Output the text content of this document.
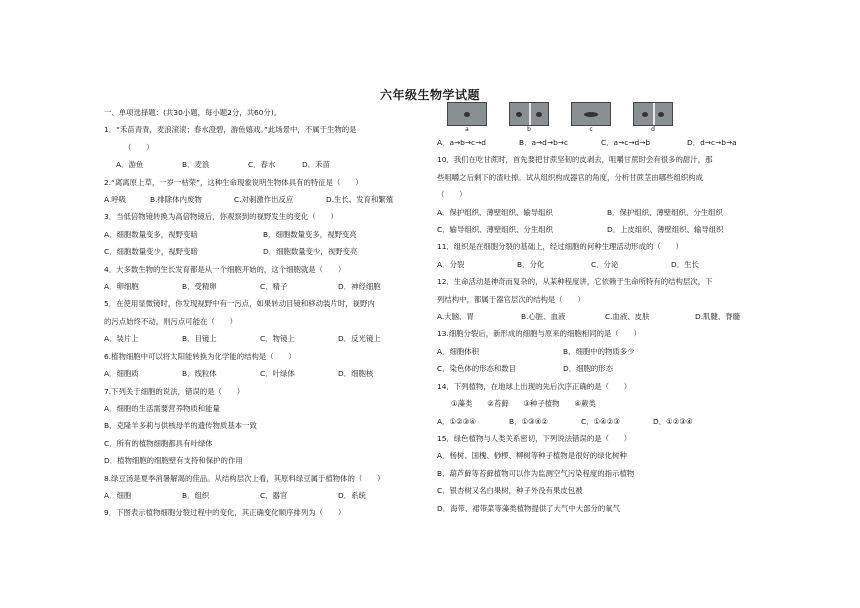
六年级生物学试题
一、单项选择题：(共30小题，每小题2分，共60分)。
1．“禾苗青青，麦浪滚滚；春水澄碧，游鱼嬉戏。”此场景中，不属于生物的是
（　　）
A．游鱼	B．麦浪	C．春水	D．禾苗
2.“离离原上草，一岁一枯荣”，这种生命现象说明生物体具有的特征是（　　）
A.呼吸	B.排除体内废物	C.对刺激作出反应	D.生长、发育和繁殖
3．当低倍物镜转换为高倍物镜后，你观察到的视野发生的变化（　　）
A．细胞数量变多，视野变暗	B．细胞数量变多，视野变亮
C．细胞数量变少，视野变暗	D．细胞数量变少，视野变亮
4．大多数生物的生长发育都是从一个细胞开始的，这个细胞就是（　　）
A．卵细胞	B．受精卵	C．精子	D．神经细胞
5．在使用显微镜时，你发现视野中有一污点，如果转动目镜和移动装片时，视野内
的污点始终不动，则污点可能在（　　）
A．装片上	B．目镜上	C．物镜上	D．反光镜上
6.植物细胞中可以将太阳能转换为化学能的结构是（　　）
A．细胞质	B．线粒体	C．叶绿体	D．细胞核
7.下列关于细胞的说法，错误的是（　　）
A．细胞的生活需要营养物质和能量
B．克隆羊多莉与供核母羊的遗传物质基本一致
C．所有的植物细胞都具有叶绿体
D．植物细胞的细胞壁有支持和保护的作用
8.绿豆汤是夏季消暑解渴的佳品。从结构层次上看，其原料绿豆属于植物体的（　　）
A．细胞	B．组织	C．器官	D．系统
9．下图表示植物细胞分裂过程中的变化，其正确变化顺序排列为（　　）
a	b	c	d
A．a→b→c→d	B．a→d→b→c	C．a→c→d→b	D．d→c→b→a
10．我们在吃甘蔗时，首先要把甘蔗坚韧的皮剥去，咀嚼甘蔗时会有很多的甜汁，那
些咀嚼之后剩下的渣吐掉。试从组织构成器官的角度，分析甘蔗茎由哪些组织构成
（　　）
A．保护组织、薄壁组织、输导组织	B．保护组织、薄壁组织、分生组织
C．输导组织、薄壁组织、分生组织	D．上皮组织、薄壁组织、输导组织
11．组织是在细胞分裂的基础上，经过细胞的何种生理活动形成的（　　）
A．分裂	B．分化	C．分泌	D．生长
12．生命活动是神奇而复杂的，从某种程度讲，它依赖于生命所特有的结构层次，下
列结构中，都属于器官层次的结构是（　　）
A.大脑、胃	B.心脏、血液	C.血液、皮肤	D.肌腱、脊髓
13.细胞分裂后，新形成的细胞与原来的细胞相同的是（　　）
A．细胞体积	B．细胞中的物质多少
C．染色体的形态和数目	D．细胞的形态
14．下列植物，在地球上出现的先后次序正确的是（　　）
①藻类　　②苔藓　　③种子植物　　④蕨类
A．①②③④	B．①③④②	C．①④②③	D．①②③④
15．绿色植物与人类关系密切，下列说法错误的是（　　）
A．杨树、国槐、桫椤、柳树等种子植物是很好的绿化树种
B．葫芦藓等苔藓植物可以作为监测空气污染程度的指示植物
C．银杏树又名白果树，种子外没有果皮包被
D．海带、裙带菜等藻类植物提供了大气中大部分的氧气
